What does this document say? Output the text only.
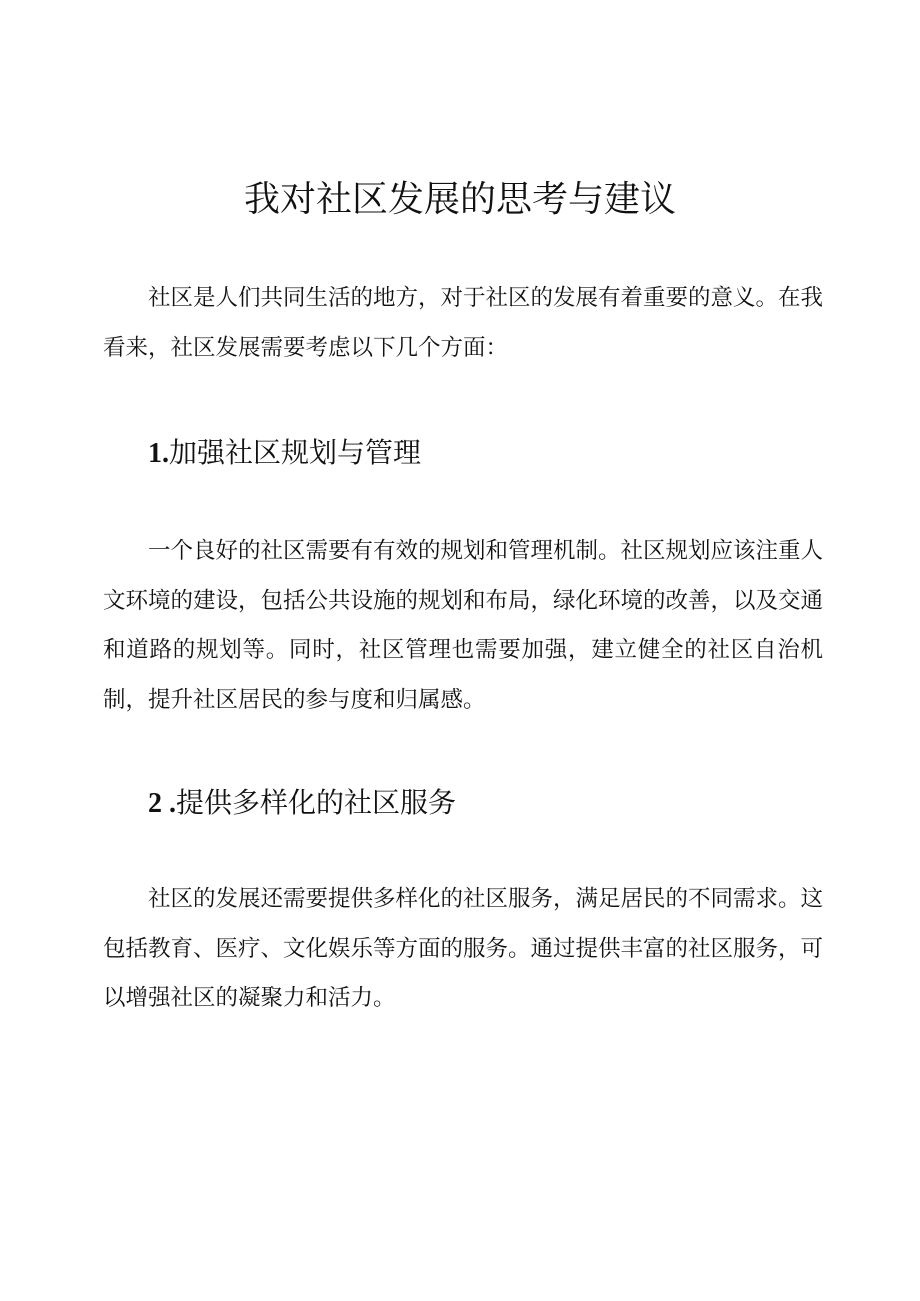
我对社区发展的思考与建议

社区是人们共同生活的地方，对于社区的发展有着重要的意义。在我看来，社区发展需要考虑以下几个方面：

1.加强社区规划与管理

一个良好的社区需要有有效的规划和管理机制。社区规划应该注重人文环境的建设，包括公共设施的规划和布局，绿化环境的改善，以及交通和道路的规划等。同时，社区管理也需要加强，建立健全的社区自治机制，提升社区居民的参与度和归属感。

2 .提供多样化的社区服务

社区的发展还需要提供多样化的社区服务，满足居民的不同需求。这包括教育、医疗、文化娱乐等方面的服务。通过提供丰富的社区服务，可以增强社区的凝聚力和活力。
